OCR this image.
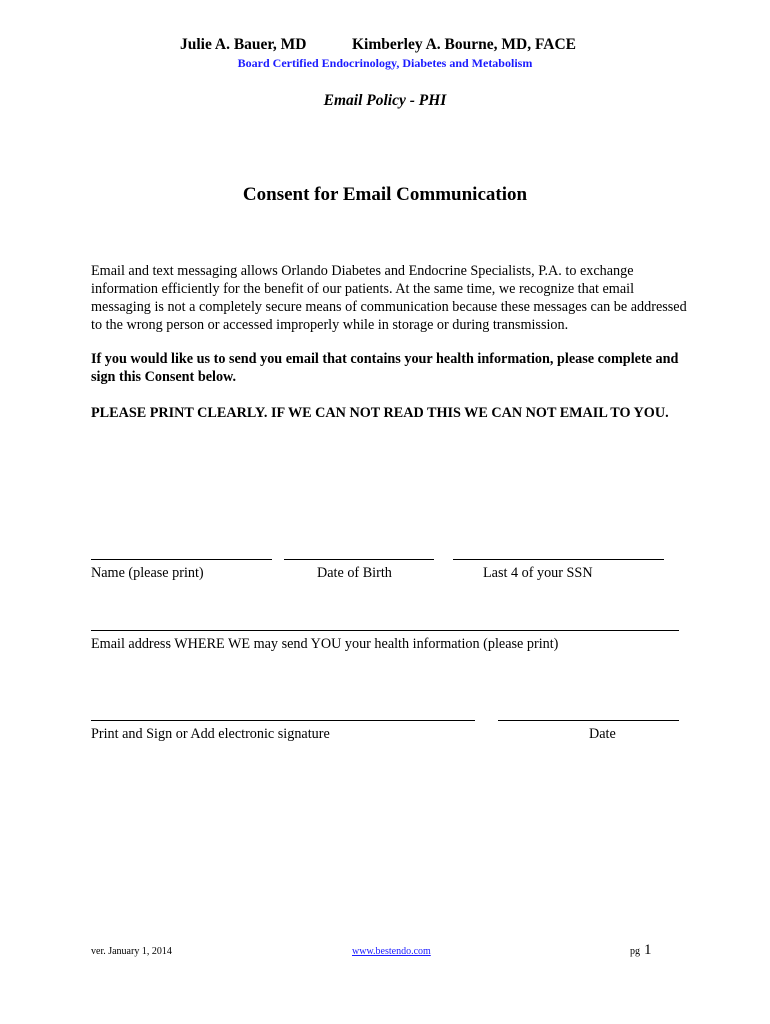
Julie A. Bauer, MD	Kimberley A. Bourne, MD, FACE
Board Certified Endocrinology, Diabetes and Metabolism
Email Policy - PHI
Consent for Email Communication
Email and text messaging allows Orlando Diabetes and Endocrine Specialists, P.A. to exchange information efficiently for the benefit of our patients. At the same time, we recognize that email messaging is not a completely secure means of communication because these messages can be addressed to the wrong person or accessed improperly while in storage or during transmission.
If you would like us to send you email that contains your health information, please complete and sign this Consent below.
PLEASE PRINT CLEARLY. IF WE CAN NOT READ THIS WE CAN NOT EMAIL TO YOU.
Name (please print)	Date of Birth	Last 4 of your SSN
Email address WHERE WE may send YOU your health information (please print)
Print and Sign or Add electronic signature	Date
ver. January 1, 2014	www.bestendo.com	pg 1
